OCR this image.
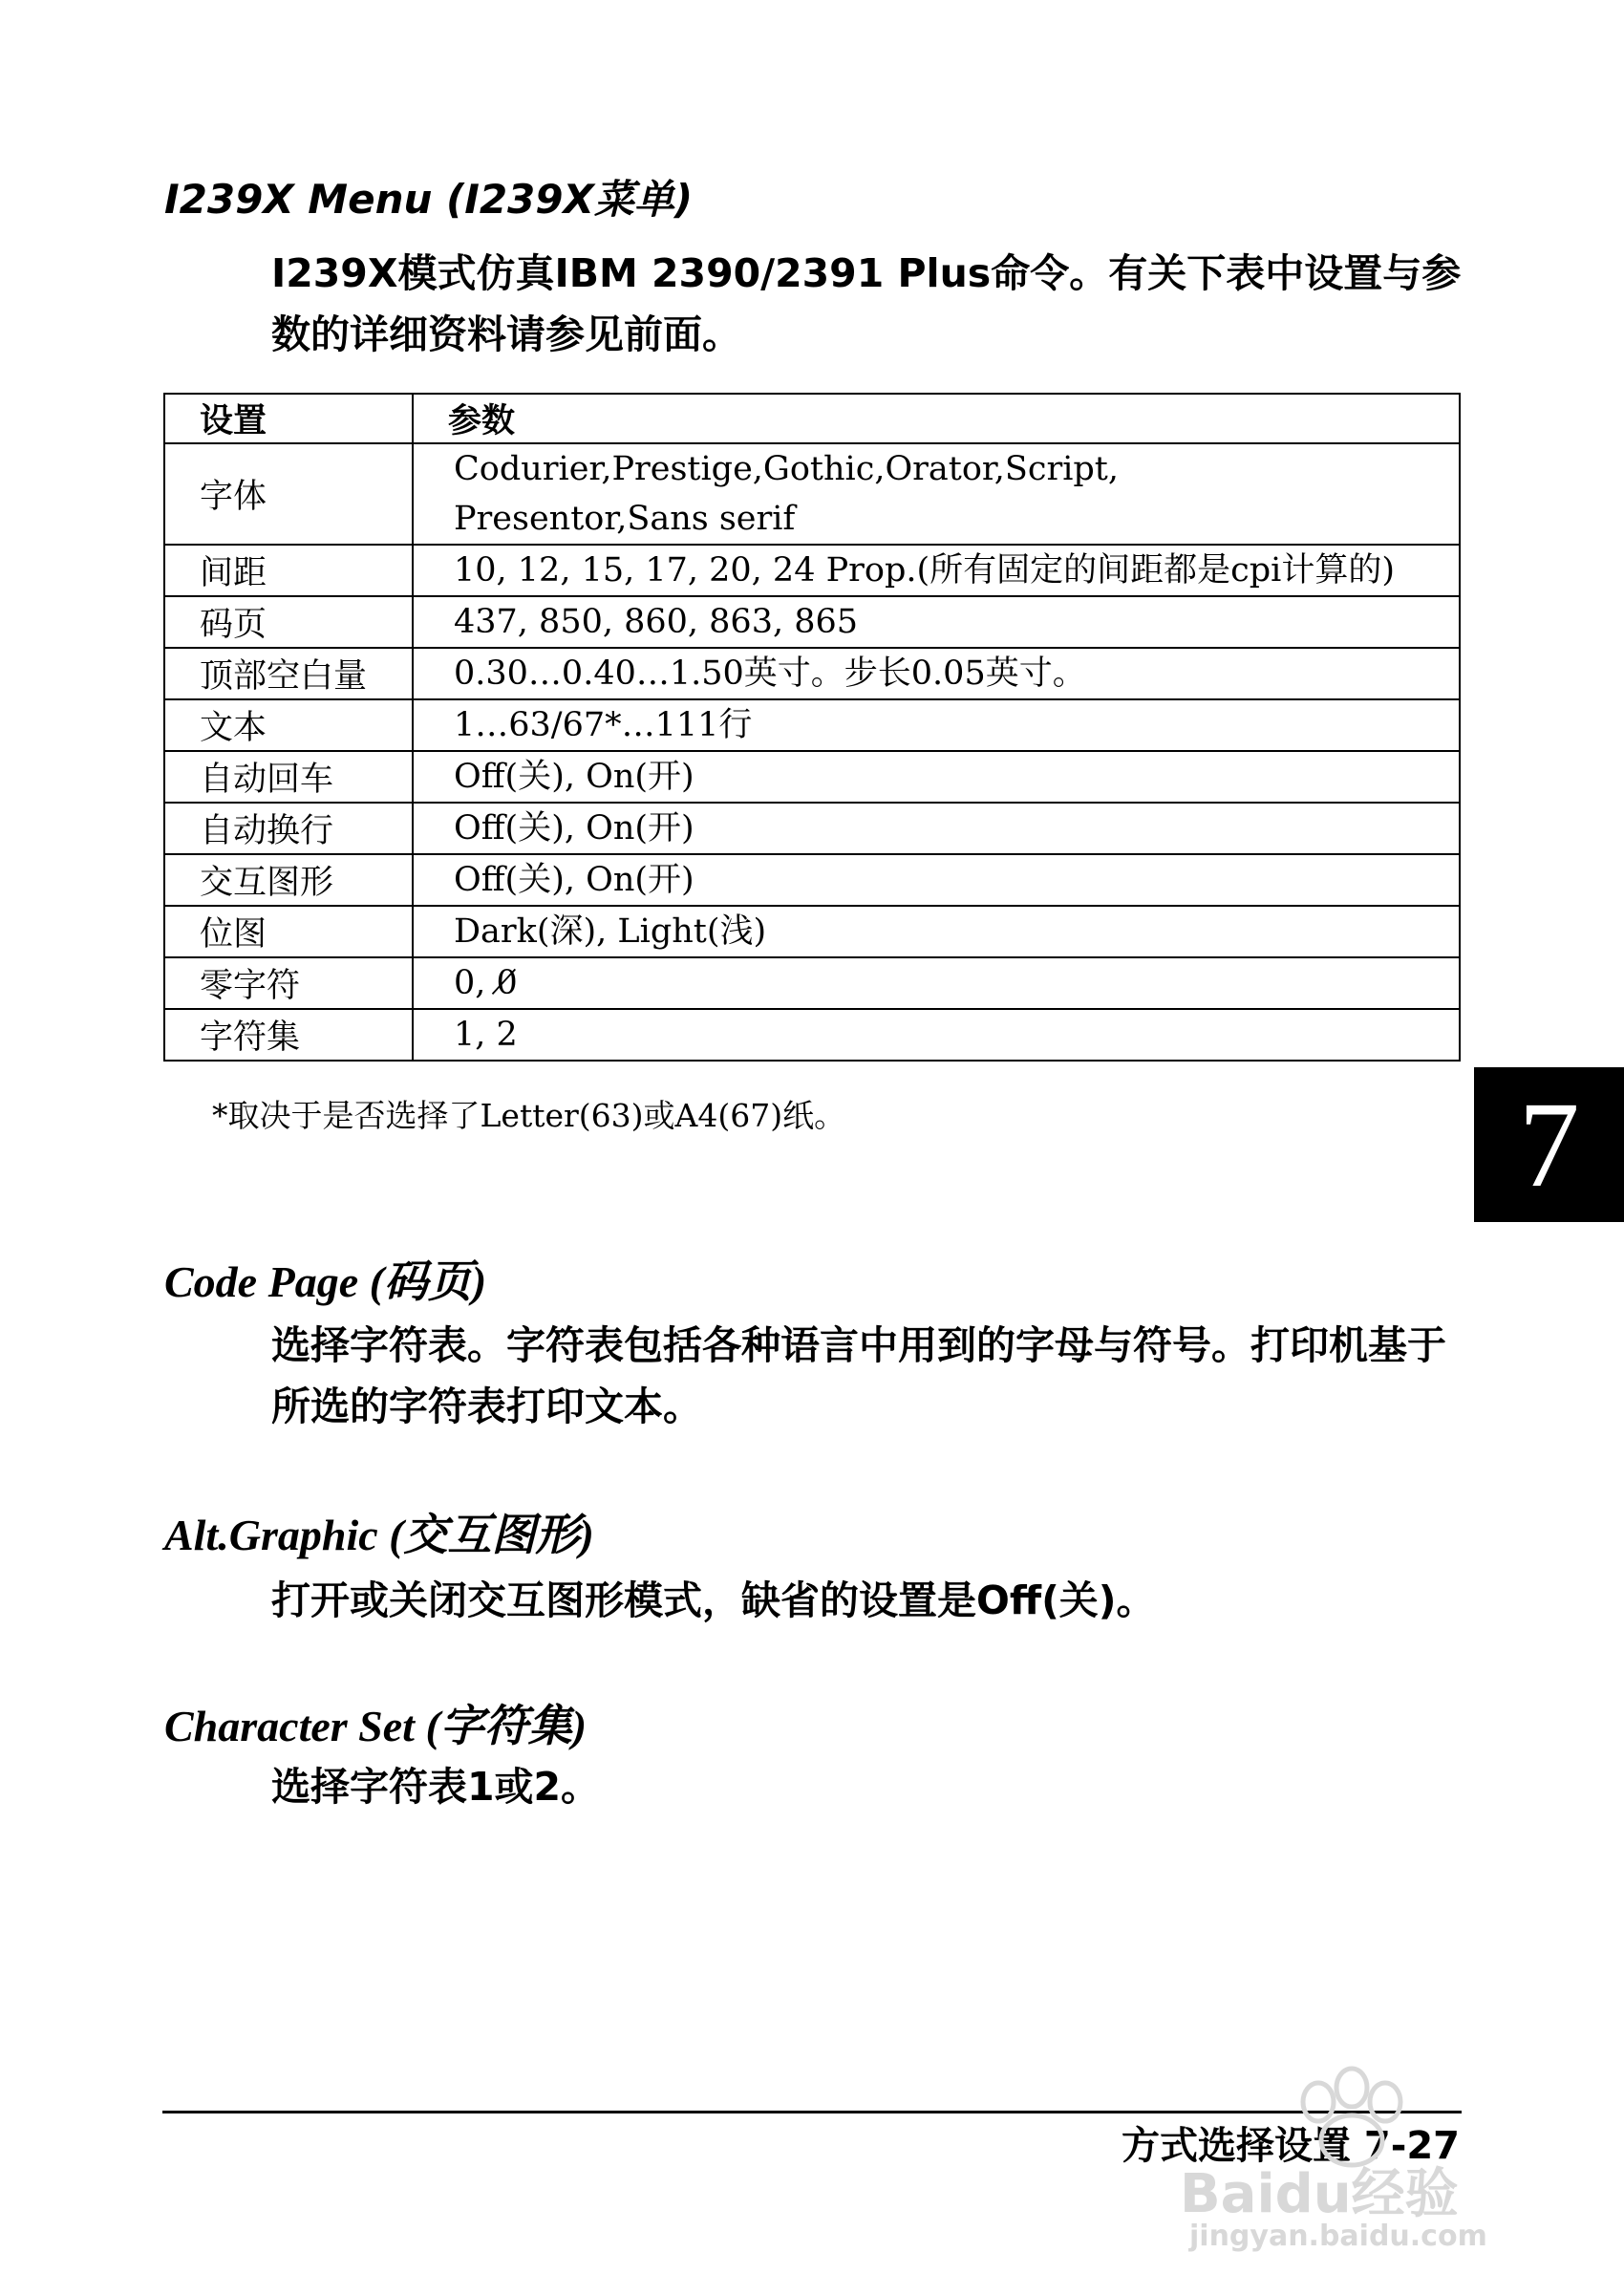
I239X Menu (I239X菜单)

I239X模式仿真IBM 2390/2391 Plus命令。有关下表中设置与参数的详细资料请参见前面。

设置	参数
字体	Codurier,Prestige,Gothic,Orator,Script,
Presentor,Sans serif

间距	10, 12, 15, 17, 20, 24 Prop.(所有固定的间距都是cpi计算的)
码页	437, 850, 860, 863, 865
顶部空白量	0.30…0.40…1.50英寸。步长0.05英寸。
文本	1…63/67*…111行
自动回车	Off(关), On(开)
自动换行	Off(关), On(开)
交互图形	Off(关), On(开)
位图	Dark(深), Light(浅)
零字符	0, 0̸
字符集	1, 2

*取决于是否选择了Letter(63)或A4(67)纸。	7
Code Page (码页)

选择字符表。字符表包括各种语言中用到的字母与符号。打印机基于所选的字符表打印文本。

Alt.Graphic (交互图形)

打开或关闭交互图形模式，缺省的设置是Off(关)。

Character Set (字符集)

选择字符表1或2。

方式选择设置 7-27

Baidu经验
jingyan.baidu.com
